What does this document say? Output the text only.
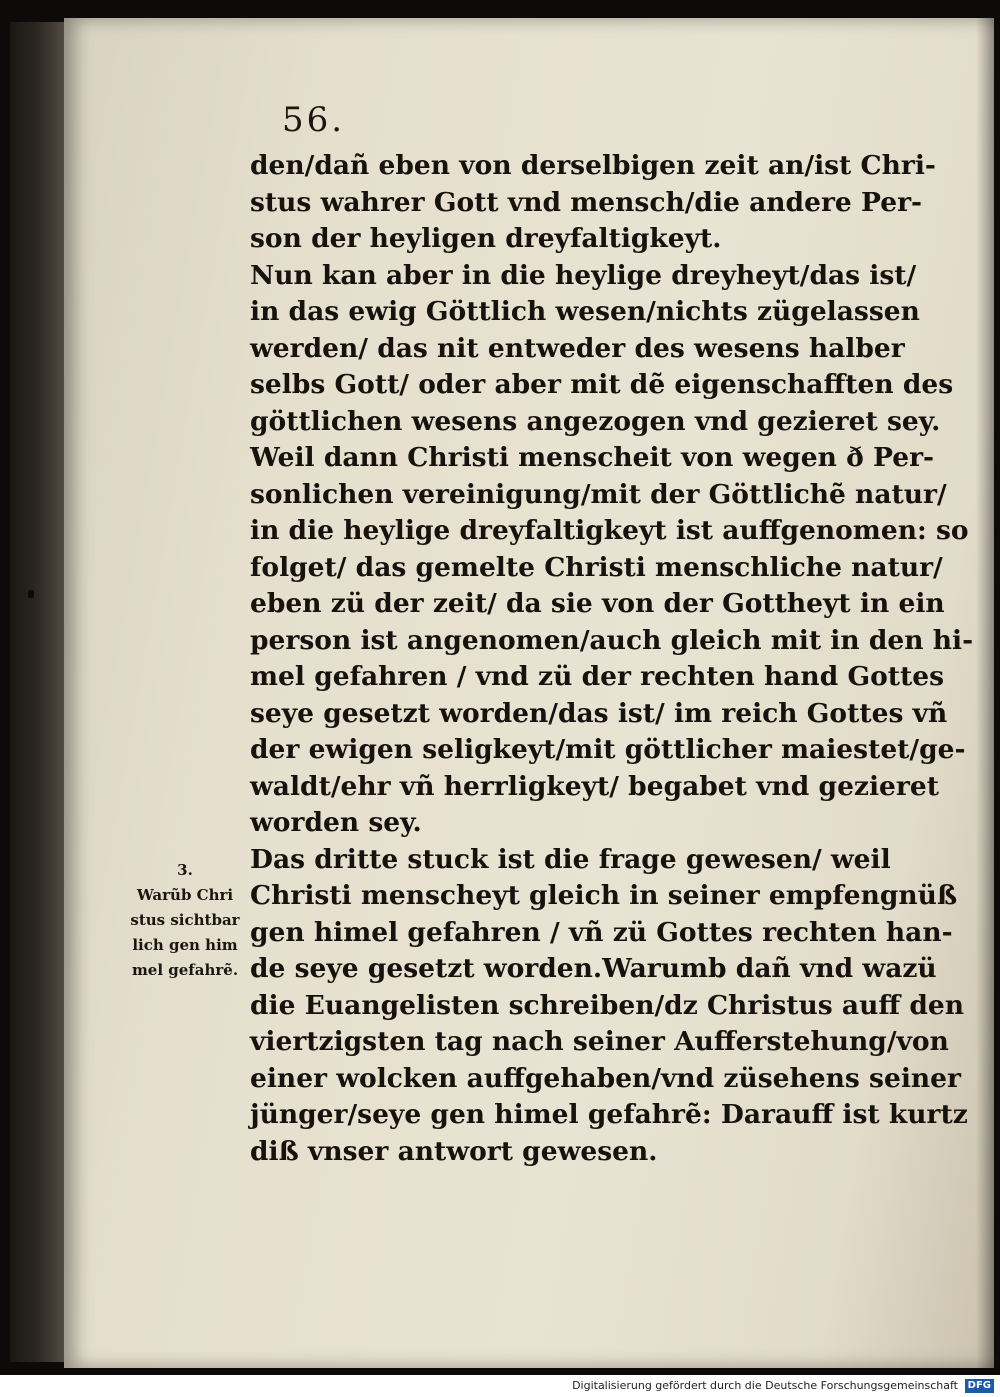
56.
3.
Warũb Chri
stus sichtbar
lich gen him
mel gefahrẽ.
den/dañ eben von derselbigen zeit an/ist Chri-
stus wahrer Gott vnd mensch/die andere Per-
son der heyligen dreyfaltigkeyt.
Nun kan aber in die heylige dreyheyt/das ist/
in das ewig Göttlich wesen/nichts zügelassen
werden/ das nit entweder des wesens halber
selbs Gott/ oder aber mit dẽ eigenschafften des
göttlichen wesens angezogen vnd gezieret sey.
Weil dann Christi menscheit von wegen ð Per-
sonlichen vereinigung/mit der Göttlichẽ natur/
in die heylige dreyfaltigkeyt ist auffgenomen: so
folget/ das gemelte Christi menschliche natur/
eben zü der zeit/ da sie von der Gottheyt in ein
person ist angenomen/auch gleich mit in den hi-
mel gefahren / vnd zü der rechten hand Gottes
seye gesetzt worden/das ist/ im reich Gottes vñ
der ewigen seligkeyt/mit göttlicher maiestet/ge-
waldt/ehr vñ herrligkeyt/ begabet vnd gezieret
worden sey.
Das dritte stuck ist die frage gewesen/ weil
Christi menscheyt gleich in seiner empfengnüß
gen himel gefahren / vñ zü Gottes rechten han-
de seye gesetzt worden.Warumb dañ vnd wazü
die Euangelisten schreiben/dz Christus auff den
viertzigsten tag nach seiner Aufferstehung/von
einer wolcken auffgehaben/vnd züsehens seiner
jünger/seye gen himel gefahrẽ: Darauff ist kurtz
diß vnser antwort gewesen.
Digitalisierung gefördert durch die Deutsche Forschungsgemeinschaft DFG
